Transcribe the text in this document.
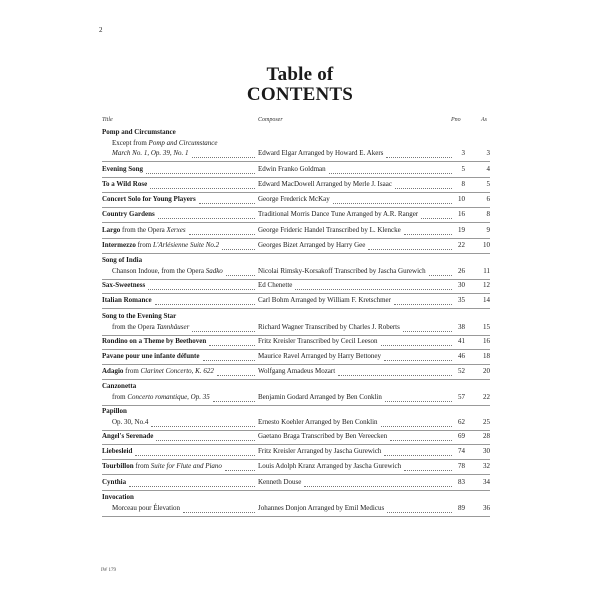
2
Table of
CONTENTS
Title	Composer	Pno	As
Pomp and Circumstance
Except from Pomp and Circumstance
March No. 1, Op. 39, No. 1	Edward Elgar Arranged by Howard E. Akers	3	3
Evening Song	Edwin Franko Goldman	5	4
To a Wild Rose	Edward MacDowell Arranged by Merle J. Isaac	8	5
Concert Solo for Young Players	George Frederick McKay	10	6
Country Gardens	Traditional Morris Dance Tune Arranged by A.R. Ranger	16	8
Largo from the Opera Xerxes	George Frideric Handel Transcribed by L. Klencke	19	9
Intermezzo from L'Arlésienne Suite No.2	Georges Bizet Arranged by Harry Gee	22	10
Song of India
Chanson Indoue, from the Opera Sadko	Nicolai Rimsky-Korsakoff Transcribed by Jascha Gurewich	26	11
Sax-Sweetness	Ed Chenette	30	12
Italian Romance	Carl Bohm Arranged by William F. Kretschmer	35	14
Song to the Evening Star
from the Opera Tannhäuser	Richard Wagner Transcribed by Charles J. Roberts	38	15
Rondino on a Theme by Beethoven	Fritz Kreisler Transcribed by Cecil Leeson	41	16
Pavane pour une infante défunte	Maurice Ravel Arranged by Harry Bettoney	46	18
Adagio from Clarinet Concerto, K. 622	Wolfgang Amadeus Mozart	52	20
Canzonetta
from Concerto romantique, Op. 35	Benjamin Godard Arranged by Ben Conklin	57	22
Papillon
Op. 30, No.4	Ernesto Koehler Arranged by Ben Conklin	62	25
Angel's Serenade	Gaetano Braga Transcribed by Ben Vereecken	69	28
Liebesleid	Fritz Kreisler Arranged by Jascha Gurewich	74	30
Tourbillon from Suite for Flute and Piano	Louis Adolph Kranz Arranged by Jascha Gurewich	78	32
Cynthia	Kenneth Douse	83	34
Invocation
Morceau pour Élevation	Johannes Donjon Arranged by Emil Medicus	89	36
IW 179
